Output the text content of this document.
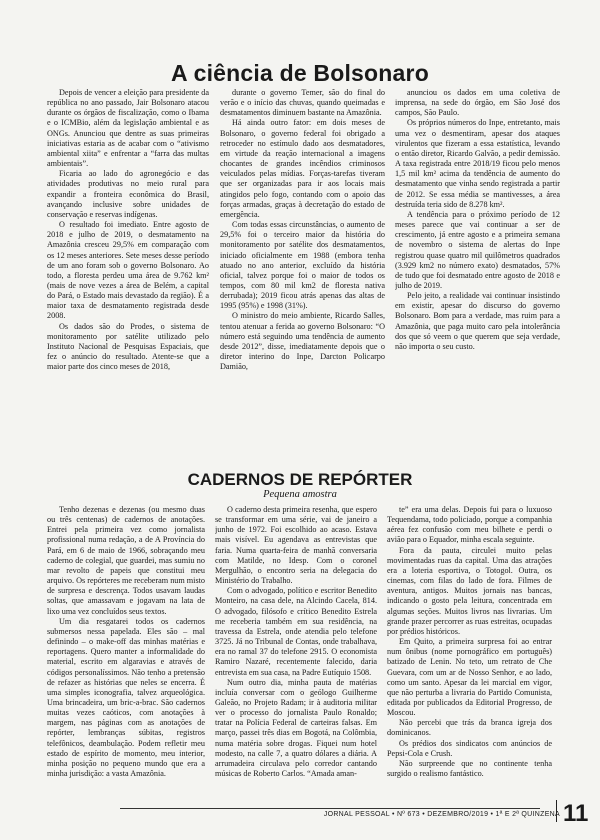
A ciência de Bolsonaro

Depois de vencer a eleição para presidente da república no ano passado, Jair Bolsonaro atacou durante os órgãos de fiscalização, como o Ibama e o ICMBio, além da legislação ambiental e as ONGs. Anunciou que dentre as suas primeiras iniciativas estaria as de acabar com o “ativismo ambiental xiita” e enfrentar a “farra das multas ambientais”.

Ficaria ao lado do agronegócio e das atividades produtivas no meio rural para expandir a fronteira econômica do Brasil, avançando inclusive sobre unidades de conservação e reservas indígenas.

O resultado foi imediato. Entre agosto de 2018 e julho de 2019, o desmatamento na Amazônia cresceu 29,5% em comparação com os 12 meses anteriores. Sete meses desse período de um ano foram sob o governo Bolsonaro. Ao todo, a floresta perdeu uma área de 9.762 km² (mais de nove vezes a área de Belém, a capital do Pará, o Estado mais devastado da região). É a maior taxa de desmatamento registrada desde 2008.

Os dados são do Prodes, o sistema de monitoramento por satélite utilizado pelo Instituto Nacional de Pesquisas Espaciais, que fez o anúncio do resultado. Atente-se que a maior parte dos cinco meses de 2018,

durante o governo Temer, são do final do verão e o início das chuvas, quando queimadas e desmatamentos diminuem bastante na Amazônia.

Há ainda outro fator: em dois meses de Bolsonaro, o governo federal foi obrigado a retroceder no estímulo dado aos desmatadores, em virtude da reação internacional a imagens chocantes de grandes incêndios criminosos veiculados pelas mídias. Forças-tarefas tiveram que ser organizadas para ir aos locais mais atingidos pelo fogo, contando com o apoio das forças armadas, graças à decretação do estado de emergência.

Com todas essas circunstâncias, o aumento de 29,5% foi o terceiro maior da história do monitoramento por satélite dos desmatamentos, iniciado oficialmente em 1988 (embora tenha atuado no ano anterior, excluído da história oficial, talvez porque foi o maior de todos os tempos, com 80 mil km2 de floresta nativa derrubada); 2019 ficou atrás apenas das altas de 1995 (95%) e 1998 (31%).

O ministro do meio ambiente, Ricardo Salles, tentou atenuar a ferida ao governo Bolsonaro: “O número está seguindo uma tendência de aumento desde 2012”, disse, imediatamente depois que o diretor interino do Inpe, Darcton Policarpo Damião,

anunciou os dados em uma coletiva de imprensa, na sede do órgão, em São José dos campos, São Paulo.

Os próprios números do Inpe, entretanto, mais uma vez o desmentiram, apesar dos ataques virulentos que fizeram a essa estatística, levando o então diretor, Ricardo Galvão, a pedir demissão. A taxa registrada entre 2018/19 ficou pelo menos 1,5 mil km² acima da tendência de aumento do desmatamento que vinha sendo registrada a partir de 2012. Se essa média se mantivesses, a área destruída teria sido de 8.278 km².

A tendência para o próximo período de 12 meses parece que vai continuar a ser de crescimento, já entre agosto e a primeira semana de novembro o sistema de alertas do Inpe registrou quase quatro mil quilômetros quadrados (3.929 km2 no número exato) desmatados, 57% de tudo que foi desmatado entre agosto de 2018 e julho de 2019.

Pelo jeito, a realidade vai continuar insistindo em existir, apesar do discurso do governo Bolsonaro. Bom para a verdade, mas ruim para a Amazônia, que paga muito caro pela intolerância dos que só veem o que querem que seja verdade, não importa o seu custo.

CADERNOS DE REPÓRTER
Pequena amostra

Tenho dezenas e dezenas (ou mesmo duas ou três centenas) de cadernos de anotações. Entrei pela primeira vez como jornalista profissional numa redação, a de A Província do Pará, em 6 de maio de 1966, sobraçando meu caderno de colegial, que guardei, mas sumiu no mar revolto de papeis que constitui meu arquivo. Os repórteres me receberam num misto de surpresa e descrença. Todos usavam laudas soltas, que amassavam e jogavam na lata de lixo uma vez concluídos seus textos.

Um dia resgatarei todos os cadernos submersos nessa papelada. Eles são – mal definindo – o make-off das minhas matérias e reportagens. Quero manter a informalidade do material, escrito em algaravias e através de códigos personalíssimos. Não tenho a pretensão de refazer as histórias que neles se encerra. É uma simples iconografia, talvez arqueológica. Uma brincadeira, um bric-a-brac. São cadernos muitas vezes caóticos, com anotações à margem, nas páginas com as anotações de repórter, lembranças súbitas, registros telefônicos, deambulação. Podem refletir meu estado de espírito de momento, meu interior, minha posição no pequeno mundo que era a minha jurisdição: a vasta Amazônia.

O caderno desta primeira resenha, que espero se transformar em uma série, vai de janeiro a junho de 1972. Foi escolhido ao acaso. Estava mais visível. Eu agendava as entrevistas que faria. Numa quarta-feira de manhã conversaria com Matilde, no Idesp. Com o coronel Mergulhão, o encontro seria na delegacia do Ministério do Trabalho.

Com o advogado, político e escritor Benedito Monteiro, na casa dele, na Alcindo Cacela, 814. O advogado, filósofo e crítico Benedito Estrela me receberia também em sua residência, na travessa da Estrela, onde atendia pelo telefone 3725. Já no Tribunal de Contas, onde trabalhava, era no ramal 37 do telefone 2915. O economista Ramiro Nazaré, recentemente falecido, daria entrevista em sua casa, na Padre Eutíquio 1508.

Num outro dia, minha pauta de matérias incluía conversar com o geólogo Guilherme Galeão, no Projeto Radam; ir à auditoria militar ver o processo do jornalista Paulo Ronaldo; tratar na Polícia Federal de carteiras falsas. Em março, passei três dias em Bogotá, na Colômbia, numa matéria sobre drogas. Fiquei num hotel modesto, na calle 7, a quatro dólares a diária. A arrumadeira circulava pelo corredor cantando músicas de Roberto Carlos. “Amada aman-

te” era uma delas. Depois fui para o luxuoso Tequendama, todo policiado, porque a companhia aérea fez confusão com meu bilhete e perdi o avião para o Equador, minha escala seguinte.

Fora da pauta, circulei muito pelas movimentadas ruas da capital. Uma das atrações era a loteria esportiva, o Totogol. Outra, os cinemas, com filas do lado de fora. Filmes de aventura, antigos. Muitos jornais nas bancas, indicando o gosto pela leitura, concentrada em algumas seções. Muitos livros nas livrarias. Um grande prazer percorrer as ruas estreitas, ocupadas por prédios históricos.

Em Quito, a primeira surpresa foi ao entrar num ônibus (nome pornográfico em português) batizado de Lenin. No teto, um retrato de Che Guevara, com um ar de Nosso Senhor, e ao lado, como um santo. Apesar da lei marcial em vigor, que não perturba a livraria do Partido Comunista, editada por publicados da Editorial Progresso, de Moscou.

Não percebi que trás da branca igreja dos dominicanos.

Os prédios dos sindicatos com anúncios de Pepsi-Cola e Crush.

Não surpreende que no continente tenha surgido o realismo fantástico.

JORNAL PESSOAL • Nº 673 • DEZEMBRO/2019 • 1ª E 2ª QUINZENA 11
